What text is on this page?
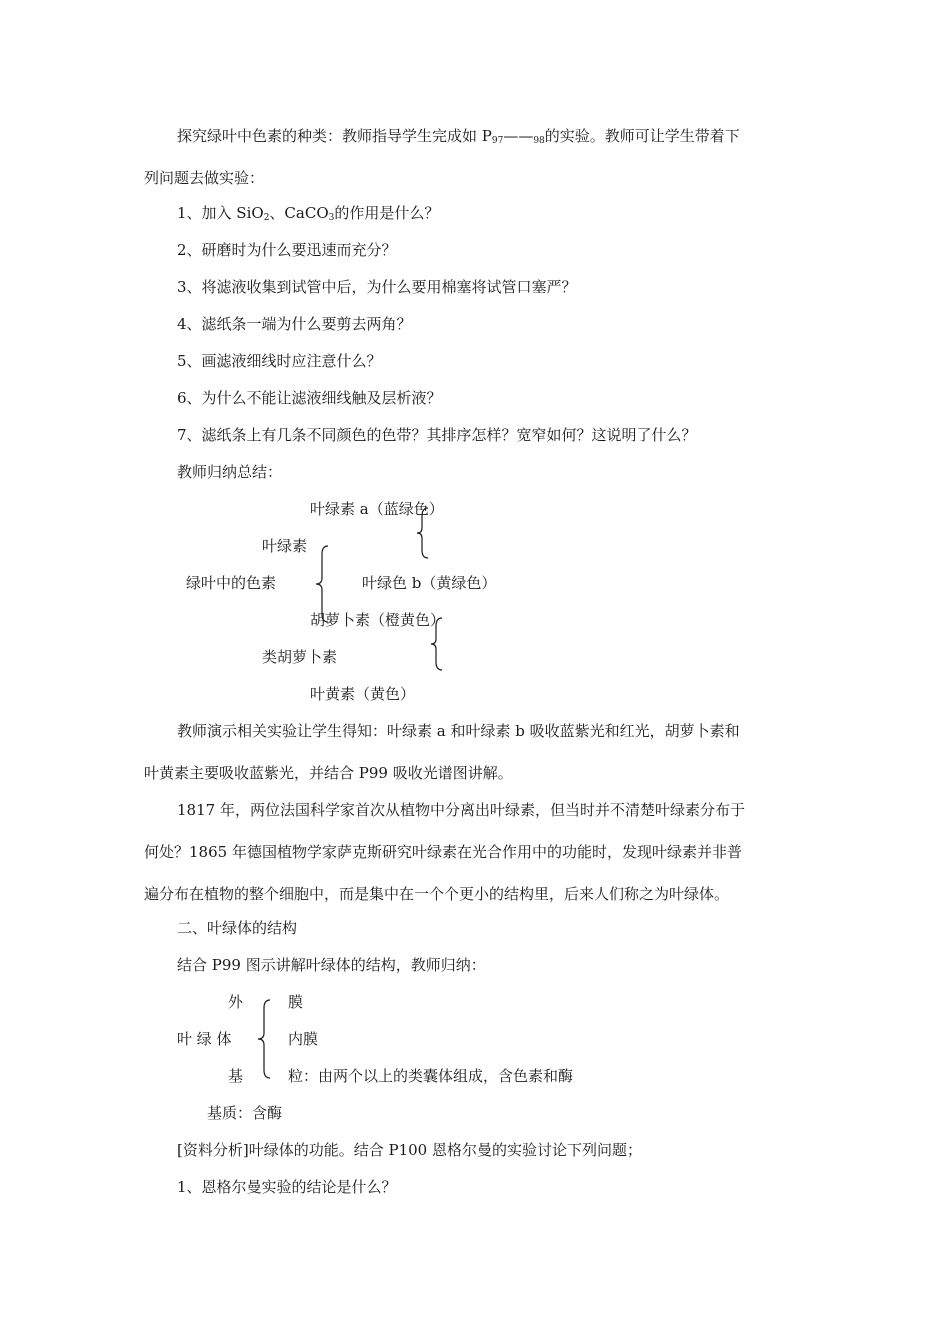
探究绿叶中色素的种类：教师指导学生完成如 $P_{97}——_{98}$的实验。教师可让学生带着下
列问题去做实验：
1、加入 SiO$_2$、CaCO$_3$的作用是什么？
2、研磨时为什么要迅速而充分？
3、将滤液收集到试管中后，为什么要用棉塞将试管口塞严？
4、滤纸条一端为什么要剪去两角？
5、画滤液细线时应注意什么？
6、为什么不能让滤液细线触及层析液？
7、滤纸条上有几条不同颜色的色带？其排序怎样？宽窄如何？这说明了什么？
教师归纳总结：
叶绿素 a（蓝绿色）
叶绿素
绿叶中的色素	叶绿色 b（黄绿色）
胡萝卜素（橙黄色）
类胡萝卜素
叶黄素（黄色）
教师演示相关实验让学生得知：叶绿素 a 和叶绿素 b 吸收蓝紫光和红光，胡萝卜素和
叶黄素主要吸收蓝紫光，并结合 P99 吸收光谱图讲解。
1817 年，两位法国科学家首次从植物中分离出叶绿素，但当时并不清楚叶绿素分布于
何处？1865 年德国植物学家萨克斯研究叶绿素在光合作用中的功能时，发现叶绿素并非普
遍分布在植物的整个细胞中，而是集中在一个个更小的结构里，后来人们称之为叶绿体。
二、叶绿体的结构
结合 P99 图示讲解叶绿体的结构，教师归纳：
外	膜
叶 绿 体	内膜
基	粒：由两个以上的类囊体组成，含色素和酶
基质：含酶
[资料分析]叶绿体的功能。结合 P100 恩格尔曼的实验讨论下列问题；
1、恩格尔曼实验的结论是什么？
